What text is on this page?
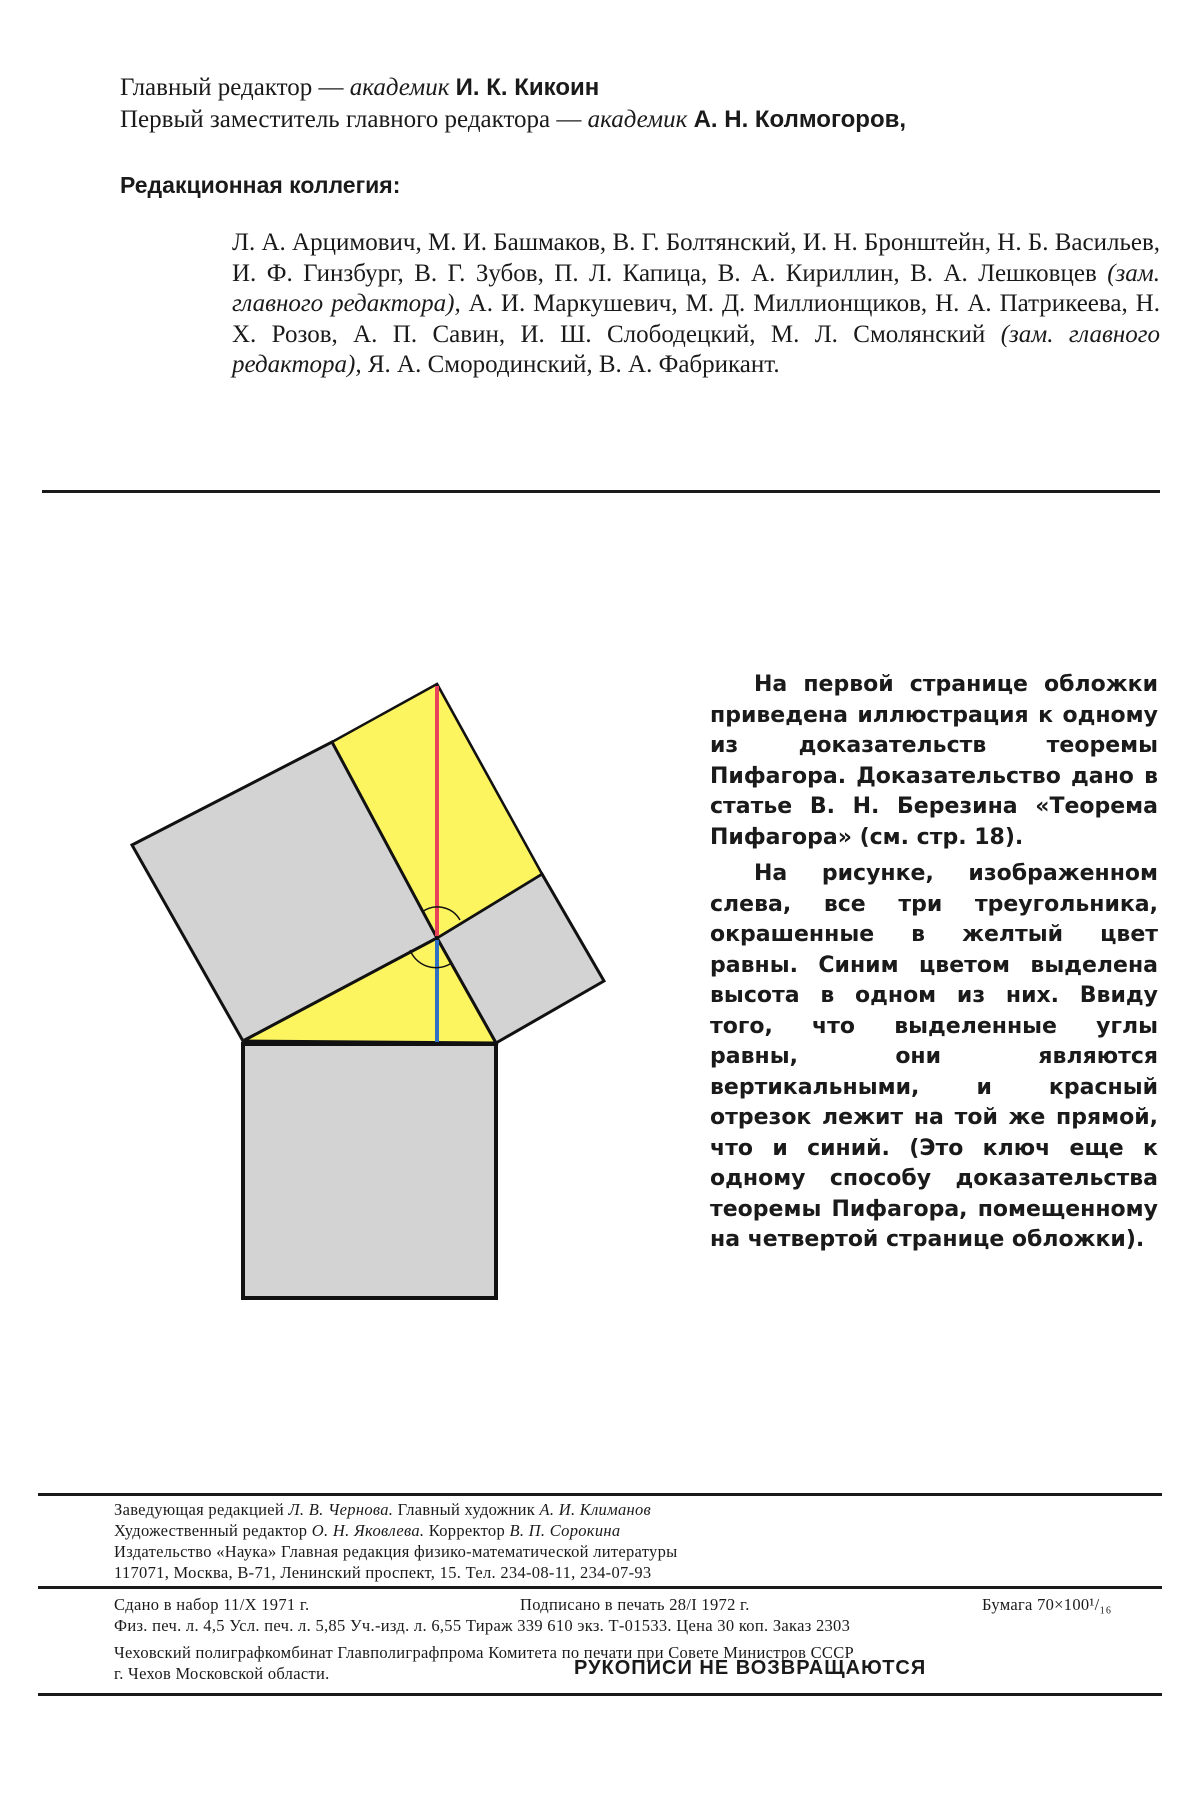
Главный редактор — академик И. К. Кикоин
Первый заместитель главного редактора — академик А. Н. Колмогоров,
Редакционная коллегия:
Л. А. Арцимович, М. И. Башмаков, В. Г. Болтянский, И. Н. Бронштейн, Н. Б. Васильев, И. Ф. Гинзбург, В. Г. Зубов, П. Л. Капица, В. А. Кириллин, В. А. Лешковцев (зам. главного редактора), А. И. Маркушевич, М. Д. Миллионщиков, Н. А. Патрикеева, Н. Х. Розов, А. П. Савин, И. Ш. Слободецкий, М. Л. Смолянский (зам. главного редактора), Я. А. Смородинский, В. А. Фабрикант.

На первой странице обложки приведена иллюстрация к одному из доказательств теоремы Пифагора. Доказательство дано в статье В. Н. Березина «Теорема Пифагора» (см. стр. 18).

На рисунке, изображенном слева, все три треугольника, окрашенные в желтый цвет равны. Синим цветом выделена высота в одном из них. Ввиду того, что выделенные углы равны, они являются вертикальными, и красный отрезок лежит на той же прямой, что и синий. (Это ключ еще к одному способу доказательства теоремы Пифагора, помещенному на четвертой странице обложки).

Заведующая редакцией Л. В. Чернова. Главный художник А. И. Климанов
Художественный редактор О. Н. Яковлева. Корректор В. П. Сорокина
Издательство «Наука» Главная редакция физико-математической литературы
117071, Москва, В-71, Ленинский проспект, 15. Тел. 234-08-11, 234-07-93
Сдано в набор 11/X 1971 г.	Подписано в печать 28/I 1972 г.	Бумага 70×100¹/₁₆
Физ. печ. л. 4,5 Усл. печ. л. 5,85 Уч.-изд. л. 6,55 Тираж 339 610 экз. Т-01533. Цена 30 коп. Заказ 2303
Чеховский полиграфкомбинат Главполиграфпрома Комитета по печати при Совете Министров СССР
г. Чехов Московской области.	РУКОПИСИ НЕ ВОЗВРАЩАЮТСЯ
